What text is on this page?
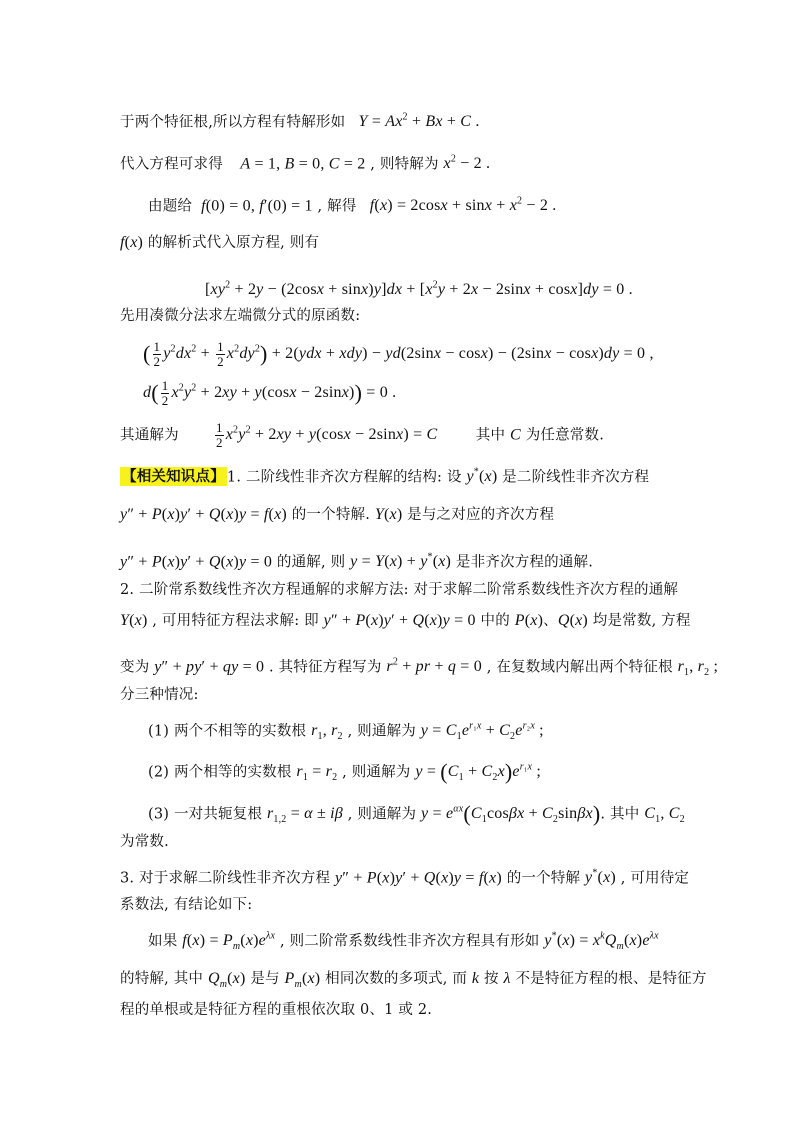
于两个特征根,所以方程有特解形如 $Y = Ax^2 + Bx + C$ .
代入方程可求得 A = 1, B = 0, C = 2 , 则特解为 $x^2 - 2$ .
由题给 f(0) = 0, f′(0) = 1 , 解得 $f(x) = 2\cos x + \sin x + x^2 - 2$ .
f(x) 的解析式代入原方程, 则有
$[xy^2 + 2y - (2\cos x + \sin x)y]dx + [x^2y + 2x - 2\sin x + \cos x]dy = 0$ .
先用凑微分法求左端微分式的原函数:
( $\frac{1}{2} y^2dx^2 + \frac{1}{2} x^2dy^2) + 2(ydx + xdy) - yd(2\sin x - \cos x) - (2\sin x - \cos x)dy = 0$ ,
$d( \frac{1}{2} x^2y^2 + 2xy + y(\cos x - 2\sin x)) = 0$ .
其通解为	$\frac{1}{2} x^2y^2 + 2xy + y(\cos x - 2\sin x) = C$	其中 C 为任意常数.
【相关知识点】 1. 二阶线性非齐次方程解的结构: 设 y*(x) 是二阶线性非齐次方程
y″ + P(x)y′ + Q(x)y = f(x) 的一个特解. Y(x) 是与之对应的齐次方程
y″ + P(x)y′ + Q(x)y = 0 的通解, 则 y = Y(x) + y*(x) 是非齐次方程的通解.
2. 二阶常系数线性齐次方程通解的求解方法: 对于求解二阶常系数线性齐次方程的通解
Y(x) , 可用特征方程法求解: 即 y″ + P(x)y′ + Q(x)y = 0 中的 P(x)、Q(x) 均是常数, 方程
变为 y″ + py′ + qy = 0 . 其特征方程写为 $r^2$ + pr + q = 0 , 在复数域内解出两个特征根 $r_1$, $r_2$ ;
分三种情况:
(1) 两个不相等的实数根 $r_1$, $r_2$ , 则通解为 $y = C_1e^{r_1x} + C_2e^{r_2x}$ ;
(2) 两个相等的实数根 $r_1 = r_2$ , 则通解为 $y = (C_1 + C_2x)e^{r_1x}$ ;
(3) 一对共轭复根 $r_{1,2} = \alpha \pm i\beta$ , 则通解为 $y = e^{\alpha x}(C_1\cos\beta x + C_2\sin\beta x)$. 其中 $C_1$, $C_2$
为常数.
3. 对于求解二阶线性非齐次方程 y″ + P(x)y′ + Q(x)y = f(x) 的一个特解 y*(x) , 可用待定
系数法, 有结论如下:
如果 $f(x) = P_m(x)e^{\lambda x}$ , 则二阶常系数线性非齐次方程具有形如 $y^*(x) = x^kQ_m(x)e^{\lambda x}$
的特解, 其中 $Q_m(x)$ 是与 $P_m(x)$ 相同次数的多项式, 而 k 按 λ 不是特征方程的根、是特征方
程的单根或是特征方程的重根依次取 0、1 或 2.
